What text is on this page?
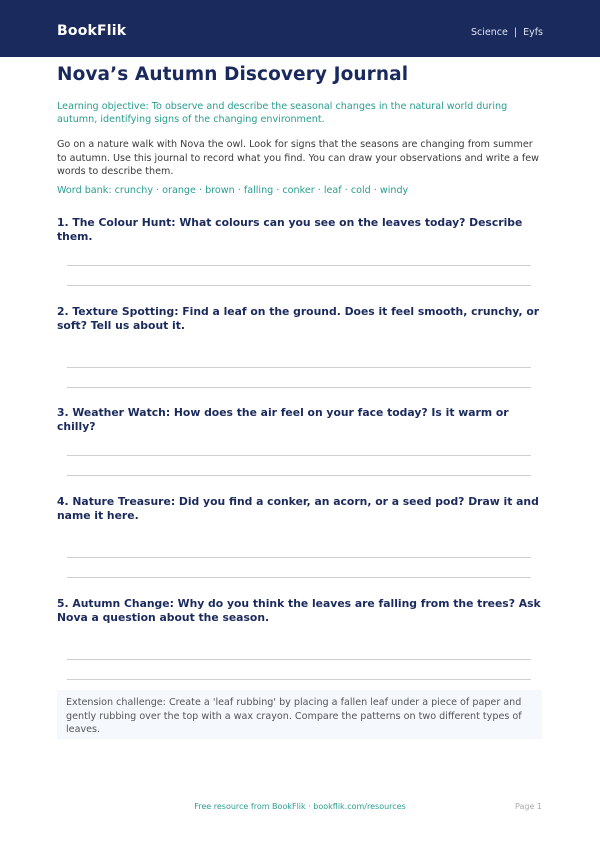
BookFlik	Science  |  Eyfs
Nova’s Autumn Discovery Journal
Learning objective: To observe and describe the seasonal changes in the natural world during autumn, identifying signs of the changing environment.
Go on a nature walk with Nova the owl. Look for signs that the seasons are changing from summer to autumn. Use this journal to record what you find. You can draw your observations and write a few words to describe them.
Word bank: crunchy · orange · brown · falling · conker · leaf · cold · windy
1. The Colour Hunt: What colours can you see on the leaves today? Describe them.
2. Texture Spotting: Find a leaf on the ground. Does it feel smooth, crunchy, or soft? Tell us about it.
3. Weather Watch: How does the air feel on your face today? Is it warm or chilly?
4. Nature Treasure: Did you find a conker, an acorn, or a seed pod? Draw it and name it here.
5. Autumn Change: Why do you think the leaves are falling from the trees? Ask Nova a question about the season.
Extension challenge: Create a 'leaf rubbing' by placing a fallen leaf under a piece of paper and gently rubbing over the top with a wax crayon. Compare the patterns on two different types of leaves.
Free resource from BookFlik · bookflik.com/resources	Page 1
